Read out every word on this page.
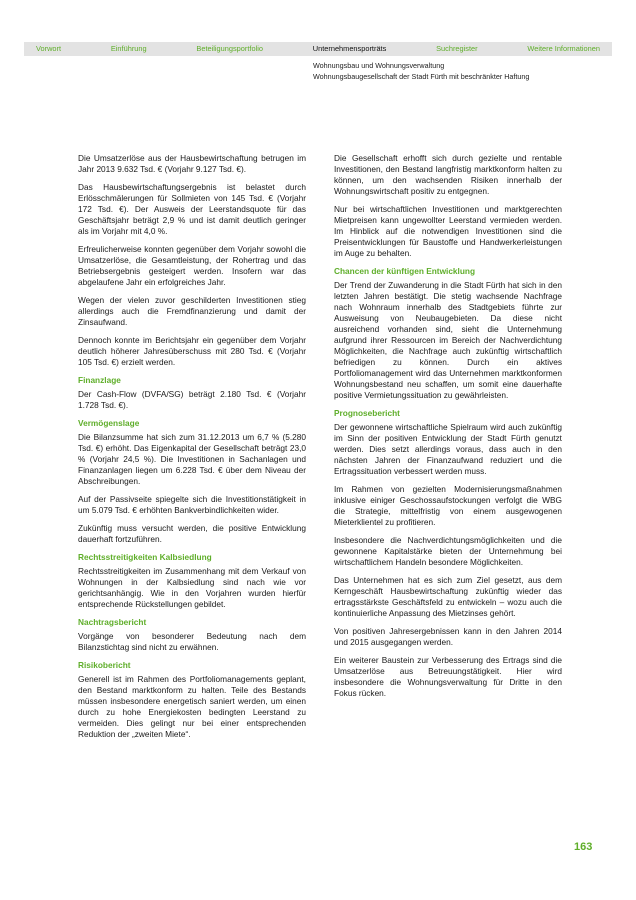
Vorwort	Einführung	Beteiligungsportfolio	Unternehmensporträts	Suchregister	Weitere Informationen
Wohnungsbau und Wohnungsverwaltung
Wohnungsbaugesellschaft der Stadt Fürth mit beschränkter Haftung

Die Umsatzerlöse aus der Hausbewirtschaftung betrugen im Jahr 2013 9.632 Tsd. € (Vorjahr 9.127 Tsd. €).

Das Hausbewirtschaftungsergebnis ist belastet durch Erlösschmälerungen für Sollmieten von 145 Tsd. € (Vorjahr 172 Tsd. €). Der Ausweis der Leerstandsquote für das Geschäftsjahr beträgt 2,9 % und ist damit deutlich geringer als im Vorjahr mit 4,0 %.

Erfreulicherweise konnten gegenüber dem Vorjahr sowohl die Umsatzerlöse, die Gesamtleistung, der Rohertrag und das Betriebsergebnis gesteigert werden. Insofern war das abgelaufene Jahr ein erfolgreiches Jahr.

Wegen der vielen zuvor geschilderten Investitionen stieg allerdings auch die Fremdfinanzierung und damit der Zinsaufwand.

Dennoch konnte im Berichtsjahr ein gegenüber dem Vorjahr deutlich höherer Jahresüberschuss mit 280 Tsd. € (Vorjahr 105 Tsd. €) erzielt werden.

Finanzlage

Der Cash-Flow (DVFA/SG) beträgt 2.180 Tsd. € (Vorjahr 1.728 Tsd. €).

Vermögenslage

Die Bilanzsumme hat sich zum 31.12.2013 um 6,7 % (5.280 Tsd. €) erhöht. Das Eigenkapital der Gesellschaft beträgt 23,0 % (Vorjahr 24,5 %). Die Investitionen in Sachanlagen und Finanzanlagen liegen um 6.228 Tsd. € über dem Niveau der Abschreibungen.

Auf der Passivseite spiegelte sich die Investitionstätigkeit in um 5.079 Tsd. € erhöhten Bankverbindlichkeiten wider.

Zukünftig muss versucht werden, die positive Entwicklung dauerhaft fortzuführen.

Rechtsstreitigkeiten Kalbsiedlung

Rechtsstreitigkeiten im Zusammenhang mit dem Verkauf von Wohnungen in der Kalbsiedlung sind nach wie vor gerichtsanhängig. Wie in den Vorjahren wurden hierfür entsprechende Rückstellungen gebildet.

Nachtragsbericht

Vorgänge von besonderer Bedeutung nach dem Bilanzstichtag sind nicht zu erwähnen.

Risikobericht

Generell ist im Rahmen des Portfoliomanagements geplant, den Bestand marktkonform zu halten. Teile des Bestands müssen insbesondere energetisch saniert werden, um einen durch zu hohe Energiekosten bedingten Leerstand zu vermeiden. Dies gelingt nur bei einer entsprechenden Reduktion der „zweiten Miete“.

Die Gesellschaft erhofft sich durch gezielte und rentable Investitionen, den Bestand langfristig marktkonform halten zu können, um den wachsenden Risiken innerhalb der Wohnungswirtschaft positiv zu entgegnen.

Nur bei wirtschaftlichen Investitionen und marktgerechten Mietpreisen kann ungewollter Leerstand vermieden werden. Im Hinblick auf die notwendigen Investitionen sind die Preisentwicklungen für Baustoffe und Handwerkerleistungen im Auge zu behalten.

Chancen der künftigen Entwicklung

Der Trend der Zuwanderung in die Stadt Fürth hat sich in den letzten Jahren bestätigt. Die stetig wachsende Nachfrage nach Wohnraum innerhalb des Stadtgebiets führte zur Ausweisung von Neubaugebieten. Da diese nicht ausreichend vorhanden sind, sieht die Unternehmung aufgrund ihrer Ressourcen im Bereich der Nachverdichtung Möglichkeiten, die Nachfrage auch zukünftig wirtschaftlich befriedigen zu können. Durch ein aktives Portfoliomanagement wird das Unternehmen marktkonformen Wohnungsbestand neu schaffen, um somit eine dauerhafte positive Vermietungssituation zu gewährleisten.

Prognosebericht

Der gewonnene wirtschaftliche Spielraum wird auch zukünftig im Sinn der positiven Entwicklung der Stadt Fürth genutzt werden. Dies setzt allerdings voraus, dass auch in den nächsten Jahren der Finanzaufwand reduziert und die Ertragssituation verbessert werden muss.

Im Rahmen von gezielten Modernisierungsmaßnahmen inklusive einiger Geschossaufstockungen verfolgt die WBG die Strategie, mittelfristig von einem ausgewogenen Mieterklientel zu profitieren.

Insbesondere die Nachverdichtungsmöglichkeiten und die gewonnene Kapitalstärke bieten der Unternehmung bei wirtschaftlichem Handeln besondere Möglichkeiten.

Das Unternehmen hat es sich zum Ziel gesetzt, aus dem Kerngeschäft Hausbewirtschaftung zukünftig wieder das ertragsstärkste Geschäftsfeld zu entwickeln – wozu auch die kontinuierliche Anpassung des Mietzinses gehört.

Von positiven Jahresergebnissen kann in den Jahren 2014 und 2015 ausgegangen werden.

Ein weiterer Baustein zur Verbesserung des Ertrags sind die Umsatzerlöse aus Betreuungstätigkeit. Hier wird insbesondere die Wohnungsverwaltung für Dritte in den Fokus rücken.

163
